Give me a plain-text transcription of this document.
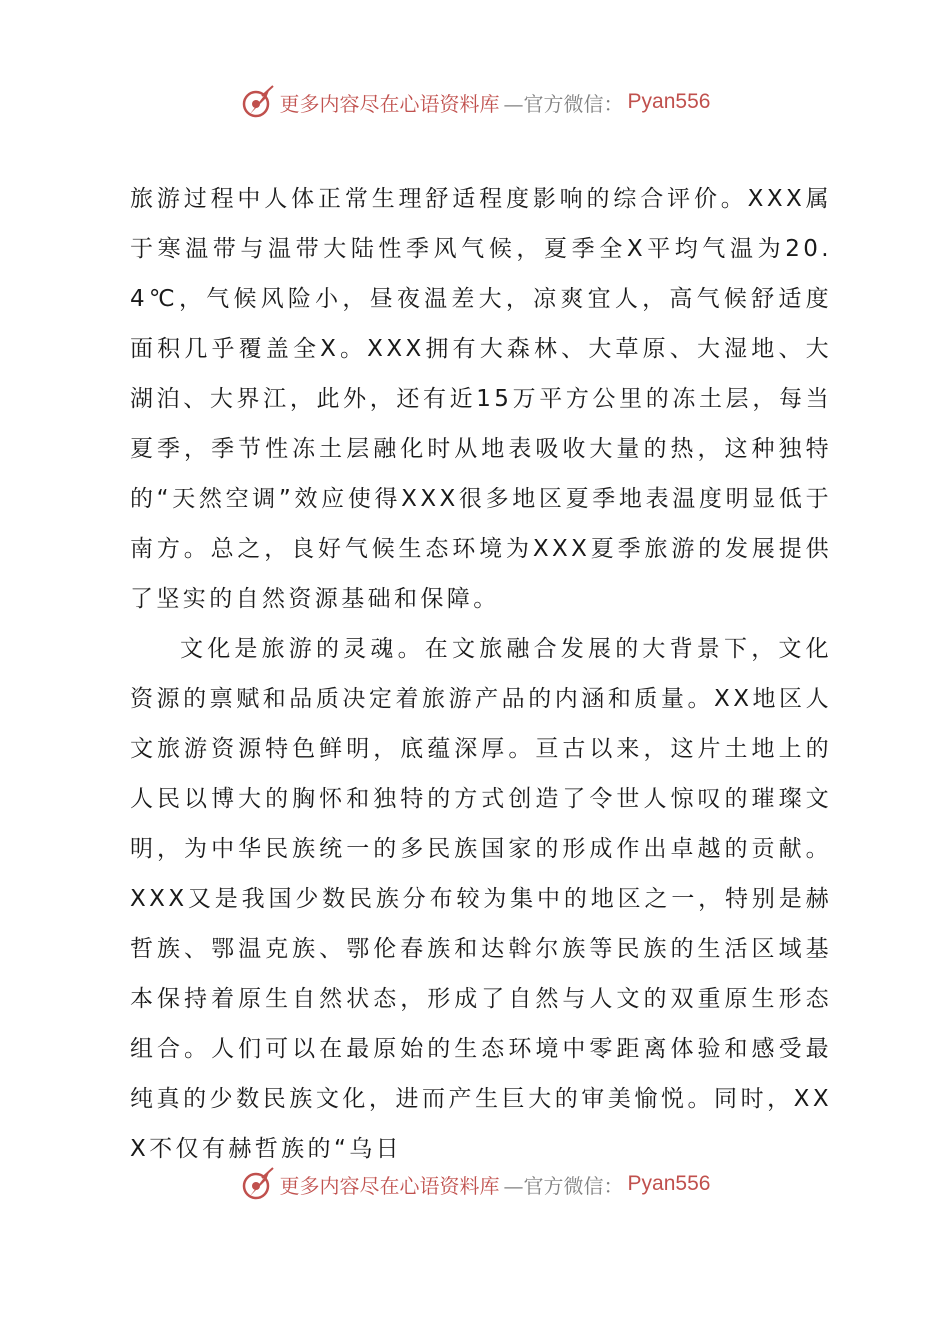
更多内容尽在心语资料库 —官方微信： Pyan556

旅游过程中人体正常生理舒适程度影响的综合评价。XXX属于寒温带与温带大陆性季风气候，夏季全X平均气温为20.4℃，气候风险小，昼夜温差大，凉爽宜人，高气候舒适度面积几乎覆盖全X。XXX拥有大森林、大草原、大湿地、大湖泊、大界江，此外，还有近15万平方公里的冻土层，每当夏季，季节性冻土层融化时从地表吸收大量的热，这种独特的“天然空调”效应使得XXX很多地区夏季地表温度明显低于南方。总之，良好气候生态环境为XXX夏季旅游的发展提供了坚实的自然资源基础和保障。

文化是旅游的灵魂。在文旅融合发展的大背景下，文化资源的禀赋和品质决定着旅游产品的内涵和质量。XX地区人文旅游资源特色鲜明，底蕴深厚。亘古以来，这片土地上的人民以博大的胸怀和独特的方式创造了令世人惊叹的璀璨文明，为中华民族统一的多民族国家的形成作出卓越的贡献。XXX又是我国少数民族分布较为集中的地区之一，特别是赫哲族、鄂温克族、鄂伦春族和达斡尔族等民族的生活区域基本保持着原生自然状态，形成了自然与人文的双重原生形态组合。人们可以在最原始的生态环境中零距离体验和感受最纯真的少数民族文化，进而产生巨大的审美愉悦。同时，XXX不仅有赫哲族的“乌日

更多内容尽在心语资料库 —官方微信： Pyan556
